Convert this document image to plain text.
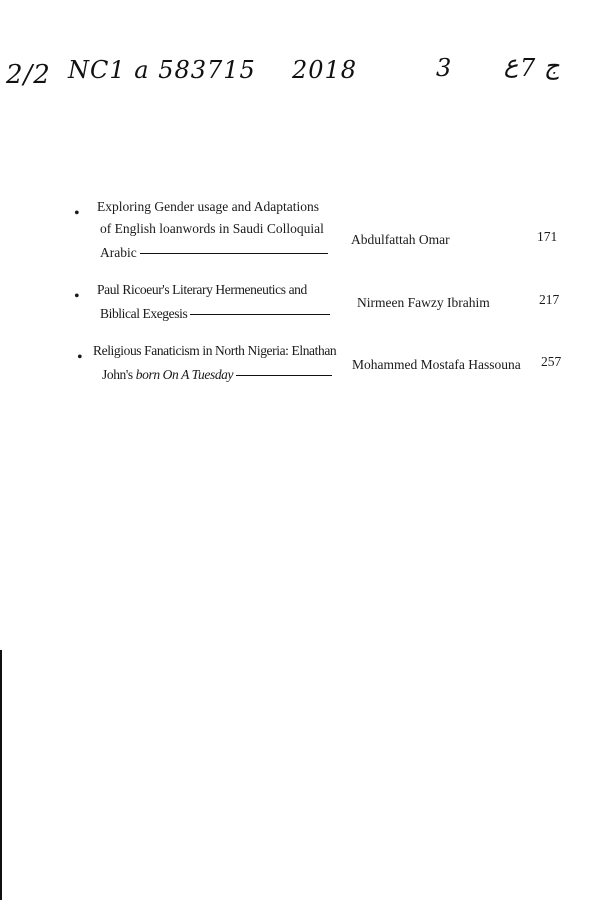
2/2 NC1 a 583715 2018	3 ع ج
7
• Exploring Gender usage and Adaptations
of English loanwords in Saudi Colloquial
Arabic
Abdulfattah Omar	171
• Paul Ricoeur's Literary Hermeneutics and
Biblical Exegesis
Nirmeen Fawzy Ibrahim	217
• Religious Fanaticism in North Nigeria: Elnathan
John's born On A Tuesday
Mohammed Mostafa Hassouna 257
